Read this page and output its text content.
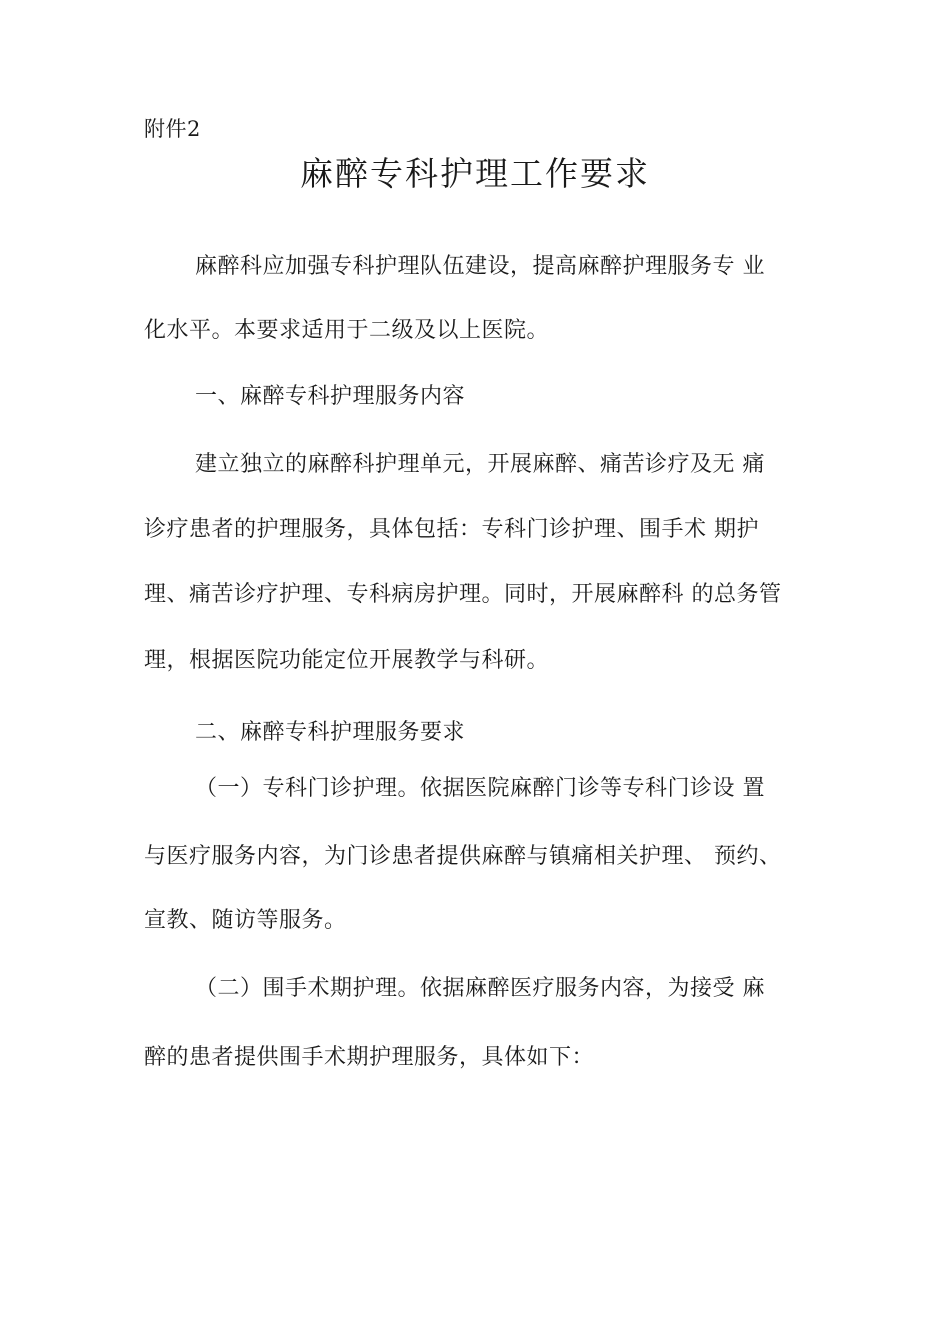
附件2
麻醉专科护理工作要求
麻醉科应加强专科护理队伍建设，提高麻醉护理服务专 业
化水平。本要求适用于二级及以上医院。
一、麻醉专科护理服务内容
建立独立的麻醉科护理单元，开展麻醉、痛苦诊疗及无 痛
诊疗患者的护理服务，具体包括：专科门诊护理、围手术 期护
理、痛苦诊疗护理、专科病房护理。同时，开展麻醉科 的总务管
理，根据医院功能定位开展教学与科研。
二、麻醉专科护理服务要求
（一）专科门诊护理。依据医院麻醉门诊等专科门诊设 置
与医疗服务内容，为门诊患者提供麻醉与镇痛相关护理、 预约、
宣教、随访等服务。
（二）围手术期护理。依据麻醉医疗服务内容，为接受 麻
醉的患者提供围手术期护理服务，具体如下：
